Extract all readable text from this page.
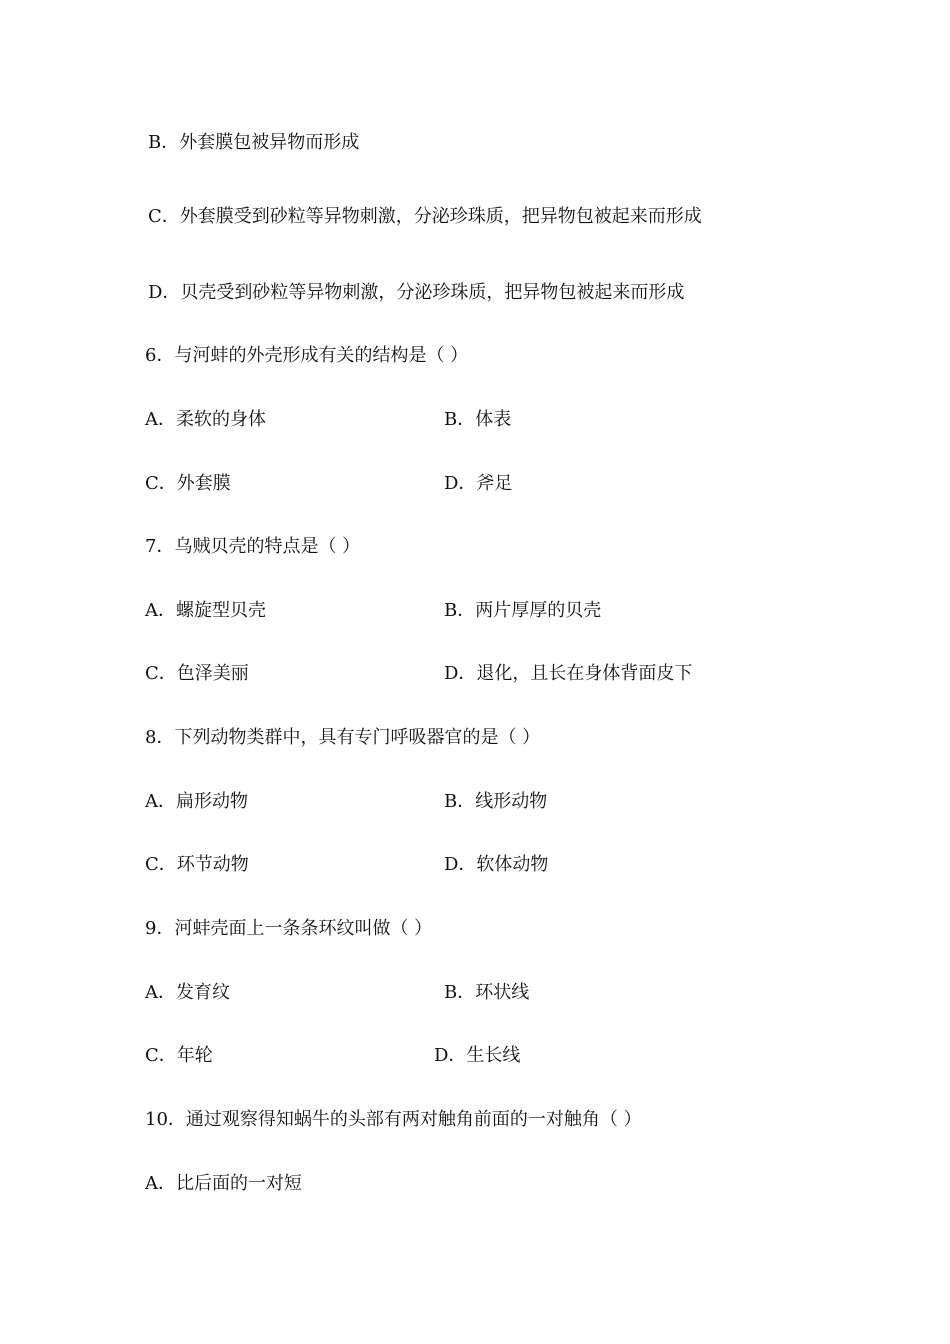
B．外套膜包被异物而形成
C．外套膜受到砂粒等异物刺激，分泌珍珠质，把异物包被起来而形成
D．贝壳受到砂粒等异物刺激，分泌珍珠质，把异物包被起来而形成
6．与河蚌的外壳形成有关的结构是（ ）
A．柔软的身体	B．体表
C．外套膜	D．斧足
7．乌贼贝壳的特点是（ ）
A．螺旋型贝壳	B．两片厚厚的贝壳
C．色泽美丽	D．退化，且长在身体背面皮下
8．下列动物类群中，具有专门呼吸器官的是（ ）
A．扁形动物	B．线形动物
C．环节动物	D．软体动物
9．河蚌壳面上一条条环纹叫做（ ）
A．发育纹	B．环状线
C．年轮	D．生长线
10．通过观察得知蜗牛的头部有两对触角前面的一对触角（ ）
A．比后面的一对短
